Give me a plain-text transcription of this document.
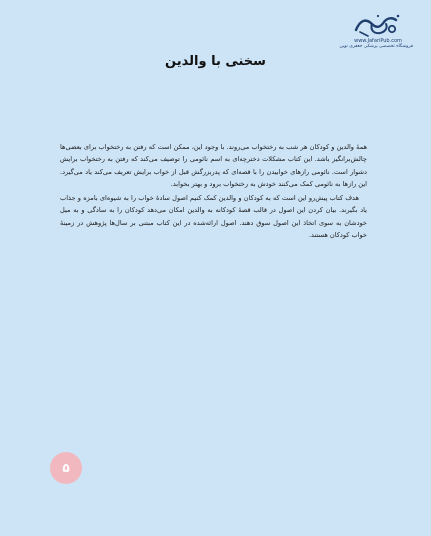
www.JafariPub.com
فروشگاه تخصصی پزشکی جعفری نوین
سخنی با والدین

همهٔ والدین و کودکان هر شب به رختخواب می‌روند. با وجود این، ممکن است که رفتن به رختخواب برای بعضی‌ها چالش‌برانگیز باشد. این کتاب مشکلات دخترچه‌ای به اسم نائومی را توصیف می‌کند که رفتن به رختخواب برایش دشوار است. نائومی رازهای خوابیدن را با قصه‌ای که پدربزرگش قبل از خواب برایش تعریف می‌کند یاد می‌گیرد. این رازها به نائومی کمک می‌کنند خودش به رختخواب برود و بهتر بخوابد.

هدف کتاب پیش‌رو این است که به کودکان و والدین کمک کنیم اصول سادهٔ خواب را به شیوه‌ای بامزه و جذاب یاد بگیرند. بیان کردن این اصول در قالب قصهٔ کودکانه به والدین امکان می‌دهد کودکان را به سادگی و به میل خودشان به سوی اتخاذ این اصول سوق دهند. اصول ارائه‌شده در این کتاب مبتنی بر سال‌ها پژوهش در زمینهٔ خواب کودکان هستند.

۵
